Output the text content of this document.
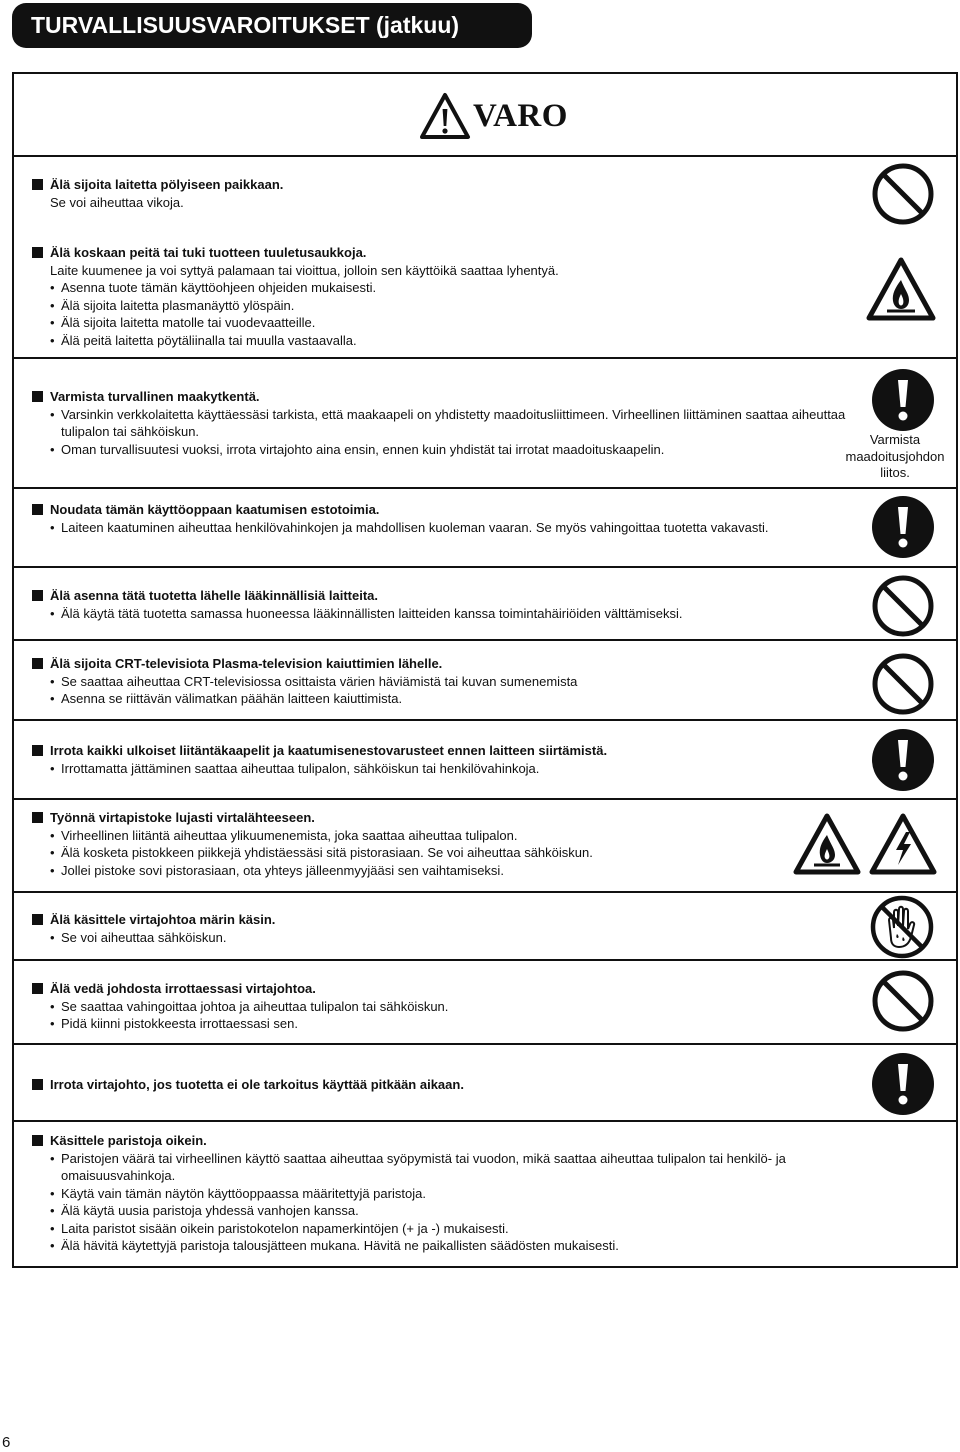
TURVALLISUUSVAROITUKSET (jatkuu)
VARO
Älä sijoita laitetta pölyiseen paikkaan.
Se voi aiheuttaa vikoja.
Älä koskaan peitä tai tuki tuotteen tuuletusaukkoja.
Laite kuumenee ja voi syttyä palamaan tai vioittua, jolloin sen käyttöikä saattaa lyhentyä.
• Asenna tuote tämän käyttöohjeen ohjeiden mukaisesti.
• Älä sijoita laitetta plasmanäyttö ylöspäin.
• Älä sijoita laitetta matolle tai vuodevaatteille.
• Älä peitä laitetta pöytäliinalla tai muulla vastaavalla.
Varmista turvallinen maakytkentä.
• Varsinkin verkkolaitetta käyttäessäsi tarkista, että maakaapeli on yhdistetty maadoitusliittimeen. Virheellinen liittäminen saattaa aiheuttaa tulipalon tai sähköiskun.
• Oman turvallisuutesi vuoksi, irrota virtajohto aina ensin, ennen kuin yhdistät tai irrotat maadoituskaapelin.
Noudata tämän käyttöoppaan kaatumisen estotoimia.
• Laiteen kaatuminen aiheuttaa henkilövahinkojen ja mahdollisen kuoleman vaaran. Se myös vahingoittaa tuotetta vakavasti.
Älä asenna tätä tuotetta lähelle lääkinnällisiä laitteita.
• Älä käytä tätä tuotetta samassa huoneessa lääkinnällisten laitteiden kanssa toimintahäiriöiden välttämiseksi.
Älä sijoita CRT-televisiota Plasma-television kaiuttimien lähelle.
• Se saattaa aiheuttaa CRT-televisiossa osittaista värien häviämistä tai kuvan sumenemista
• Asenna se riittävän välimatkan päähän laitteen kaiuttimista.
Irrota kaikki ulkoiset liitäntäkaapelit ja kaatumisenestovarusteet ennen laitteen siirtämistä.
• Irrottamatta jättäminen saattaa aiheuttaa tulipalon, sähköiskun tai henkilövahinkoja.
Työnnä virtapistoke lujasti virtalähteeseen.
• Virheellinen liitäntä aiheuttaa ylikuumenemista, joka saattaa aiheuttaa tulipalon.
• Älä kosketa pistokkeen piikkejä yhdistäessäsi sitä pistorasiaan. Se voi aiheuttaa sähköiskun.
• Jollei pistoke sovi pistorasiaan, ota yhteys jälleenmyyjääsi sen vaihtamiseksi.
Älä käsittele virtajohtoa märin käsin.
• Se voi aiheuttaa sähköiskun.
Älä vedä johdosta irrottaessasi virtajohtoa.
• Se saattaa vahingoittaa johtoa ja aiheuttaa tulipalon tai sähköiskun.
• Pidä kiinni pistokkeesta irrottaessasi sen.
Irrota virtajohto, jos tuotetta ei ole tarkoitus käyttää pitkään aikaan.
Käsittele paristoja oikein.
• Paristojen väärä tai virheellinen käyttö saattaa aiheuttaa syöpymistä tai vuodon, mikä saattaa aiheuttaa tulipalon tai henkilö- ja omaisuusvahinkoja.
• Käytä vain tämän näytön käyttöoppaassa määritettyjä paristoja.
• Älä käytä uusia paristoja yhdessä vanhojen kanssa.
• Laita paristot sisään oikein paristokotelon napamerkintöjen (+ ja -) mukaisesti.
• Älä hävitä käytettyjä paristoja talousjätteen mukana. Hävitä ne paikallisten säädösten mukaisesti.
Varmista maadoitusjohdon liitos.
6
